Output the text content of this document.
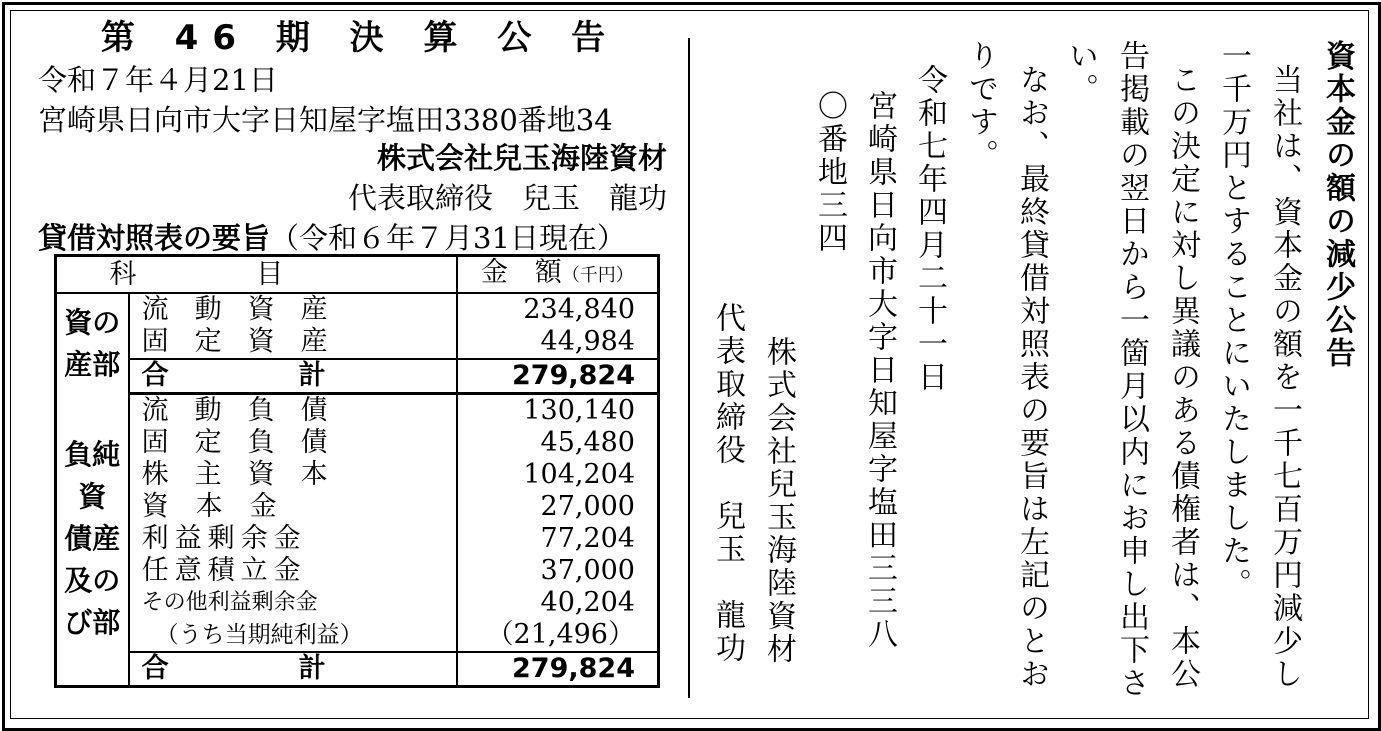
第 46 期 決 算 公 告
令和７年４月21日
宮崎県日向市大字日知屋字塩田3380番地34
株式会社兒玉海陸資材
代表取締役　兒玉　龍功
貸借対照表の要旨（令和６年７月31日現在）
科目		金　額（千円）
資の
産部	流動資産	234,840
	固定資産	44,984
	合計	279,824
負純
資
債産
及の
び部	流動負債	130,140
	固定負債	45,480
	株主資本	104,204
	資　本　金	27,000
	利益剰余金	77,204
	任意積立金	37,000
	その他利益剰余金	40,204
	（うち当期純利益）	（21,496）
	合計	279,824
資本金の額の減少公告
当社は、資本金の額を一千七百万円減少し
一千万円とすることにいたしました。
この決定に対し異議のある債権者は、本公
告掲載の翌日から一箇月以内にお申し出下さ
い。
なお、最終貸借対照表の要旨は左記のとお
りです。
令和七年四月二十一日
宮崎県日向市大字日知屋字塩田三三八
〇番地三四
株式会社兒玉海陸資材
代表取締役　兒玉　龍功
